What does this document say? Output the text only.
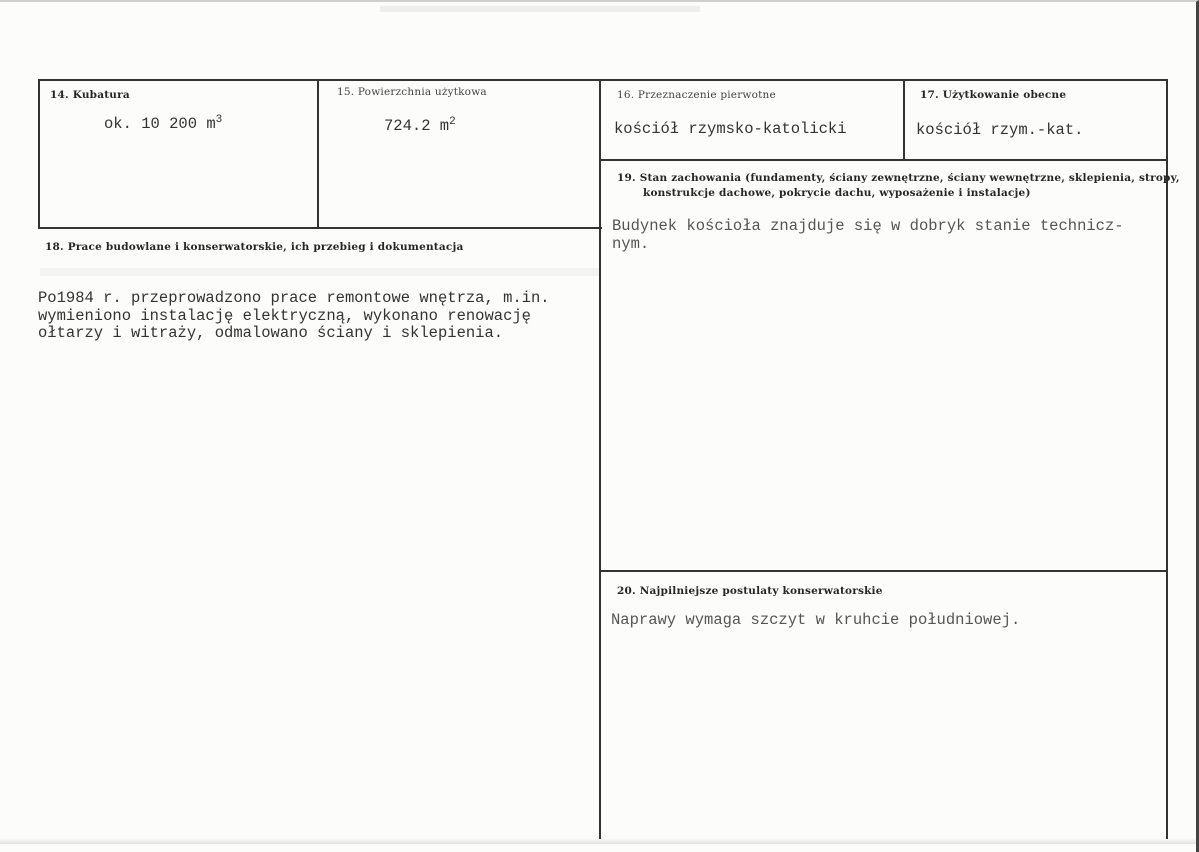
14. Kubatura
ok. 10 200 $m^3$
15. Powierzchnia użytkowa
724.2 $m^2$
16. Przeznaczenie pierwotne
kościół rzymsko-katolicki
17. Użytkowanie obecne
kościół rzym.-kat.
18. Prace budowlane i konserwatorskie, ich przebieg i dokumentacja
Po1984 r. przeprowadzono prace remontowe wnętrza, m.in.
wymieniono instalację elektryczną, wykonano renowację
ołtarzy i witraży, odmalowano ściany i sklepienia.
19. Stan zachowania (fundamenty, ściany zewnętrzne, ściany wewnętrzne, sklepienia, stropy,
konstrukcje dachowe, pokrycie dachu, wyposażenie i instalacje)
Budynek kościoła znajduje się w dobryk stanie technicz-
nym.
20. Najpilniejsze postulaty konserwatorskie
Naprawy wymaga szczyt w kruhcie południowej.
